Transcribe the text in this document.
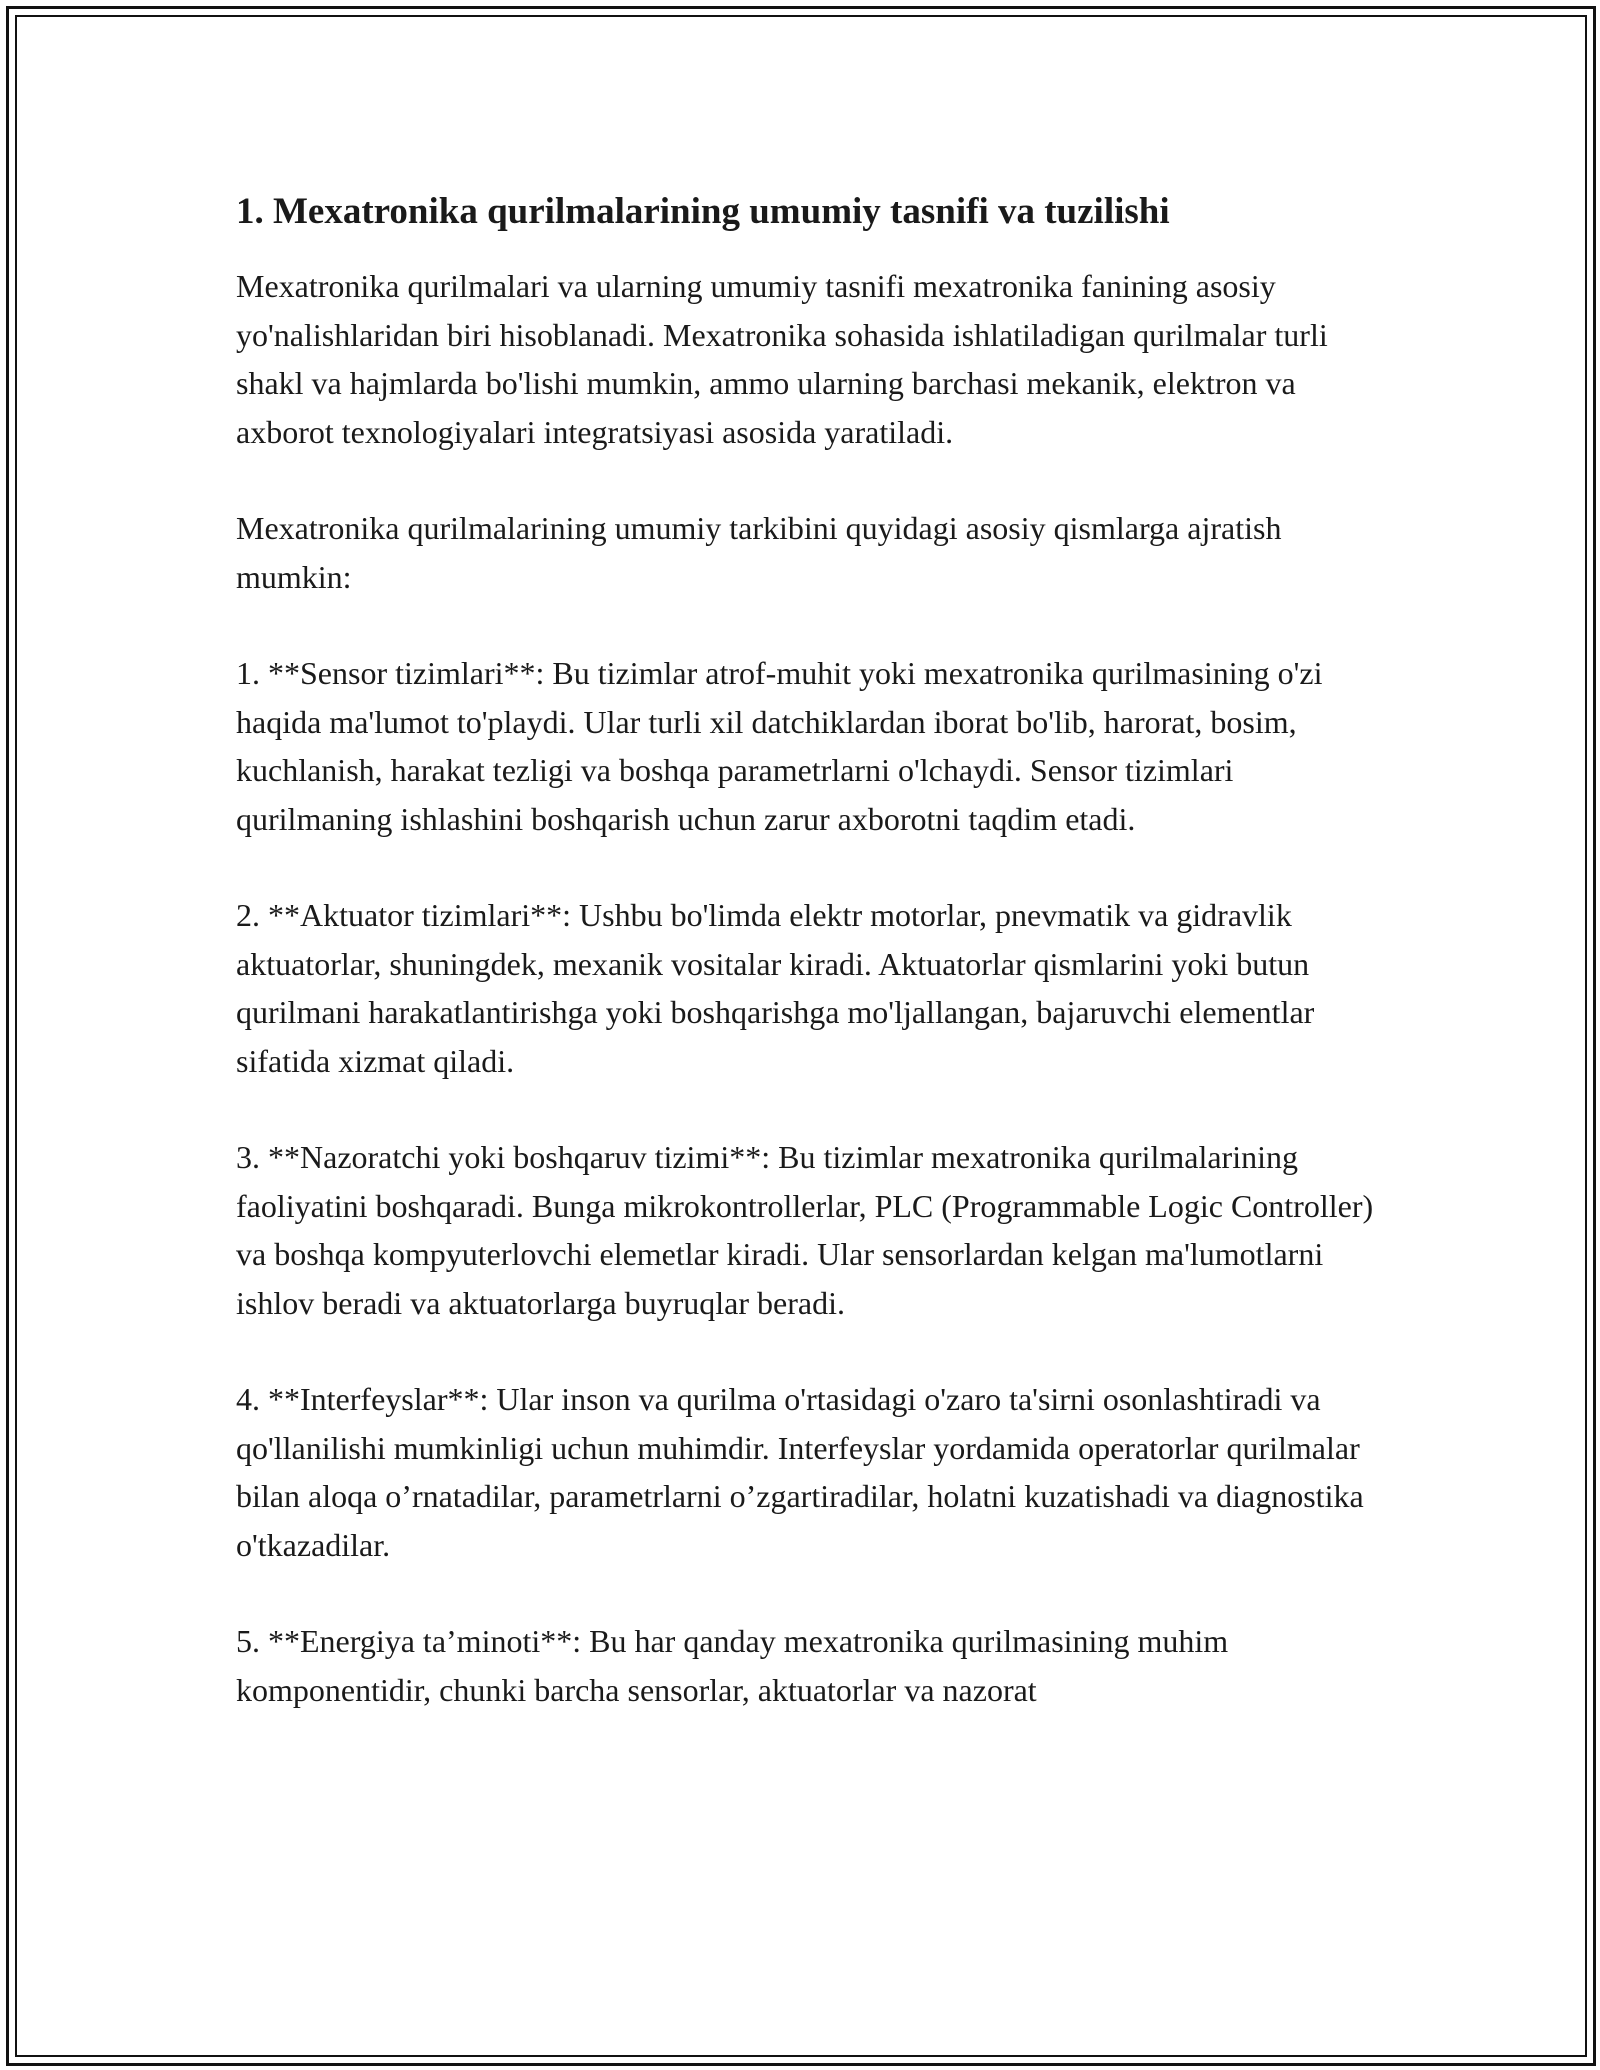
1. Mexatronika qurilmalarining umumiy tasnifi va tuzilishi

Mexatronika qurilmalari va ularning umumiy tasnifi mexatronika fanining asosiy yo'nalishlaridan biri hisoblanadi. Mexatronika sohasida ishlatiladigan qurilmalar turli shakl va hajmlarda bo'lishi mumkin, ammo ularning barchasi mekanik, elektron va axborot texnologiyalari integratsiyasi asosida yaratiladi.

Mexatronika qurilmalarining umumiy tarkibini quyidagi asosiy qismlarga ajratish mumkin:

1. **Sensor tizimlari**: Bu tizimlar atrof-muhit yoki mexatronika qurilmasining o'zi haqida ma'lumot to'playdi. Ular turli xil datchiklardan iborat bo'lib, harorat, bosim, kuchlanish, harakat tezligi va boshqa parametrlarni o'lchaydi. Sensor tizimlari qurilmaning ishlashini boshqarish uchun zarur axborotni taqdim etadi.

2. **Aktuator tizimlari**: Ushbu bo'limda elektr motorlar, pnevmatik va gidravlik aktuatorlar, shuningdek, mexanik vositalar kiradi. Aktuatorlar qismlarini yoki butun qurilmani harakatlantirishga yoki boshqarishga mo'ljallangan, bajaruvchi elementlar sifatida xizmat qiladi.

3. **Nazoratchi yoki boshqaruv tizimi**: Bu tizimlar mexatronika qurilmalarining faoliyatini boshqaradi. Bunga mikrokontrollerlar, PLC (Programmable Logic Controller) va boshqa kompyuterlovchi elemetlar kiradi. Ular sensorlardan kelgan ma'lumotlarni ishlov beradi va aktuatorlarga buyruqlar beradi.

4. **Interfeyslar**: Ular inson va qurilma o'rtasidagi o'zaro ta'sirni osonlashtiradi va qo'llanilishi mumkinligi uchun muhimdir. Interfeyslar yordamida operatorlar qurilmalar bilan aloqa o’rnatadilar, parametrlarni o’zgartiradilar, holatni kuzatishadi va diagnostika o'tkazadilar.

5. **Energiya ta’minoti**: Bu har qanday mexatronika qurilmasining muhim komponentidir, chunki barcha sensorlar, aktuatorlar va nazorat
